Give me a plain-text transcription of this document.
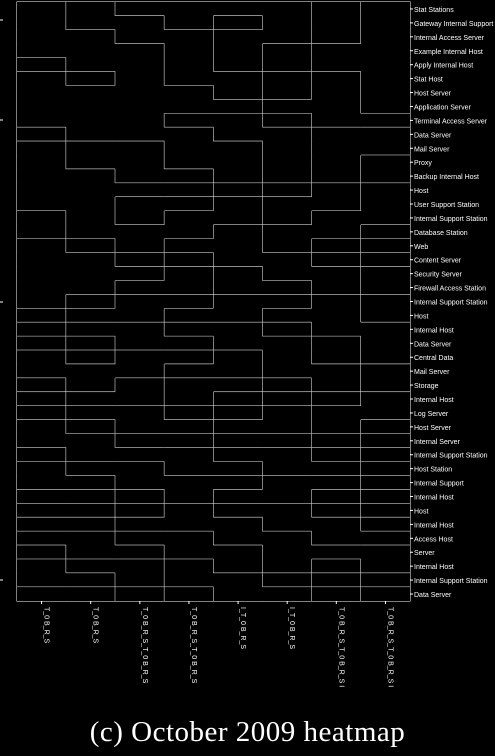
Stat Stations
Gateway Internal Support
Internal Access Server
Example Internal Host
Apply Internal Host
Stat Host
Host Server
Application Server
Terminal Access Server
Data Server
Mail Server
Proxy
Backup Internal Host
Host
User Support Station
Internal Support Station
Database Station
Web
Content Server
Security Server
Firewall Access Station
Internal Support Station
Host
Internal Host
Data Server
Central Data
Mail Server
Storage
Internal Host
Log Server
Host Server
Internal Server
Internal Support Station
Host Station
Internal Support
Internal Host
Host
Internal Host
Access Host
Server
Internal Host
Internal Support Station
Data Server
T_0 B_R_S	T_0 B_R_S	T_0 B_R_S_T_0 B_R_S	T_0 B_R_S_T_0 B_R_S	I_T_0 B_R_S	I_T_0 B_R_S	T_0 B_R_S_T_0 B_R_S I	T_0 B_R_S_T_0 B_R_S I
(c) October 2009 heatmap
